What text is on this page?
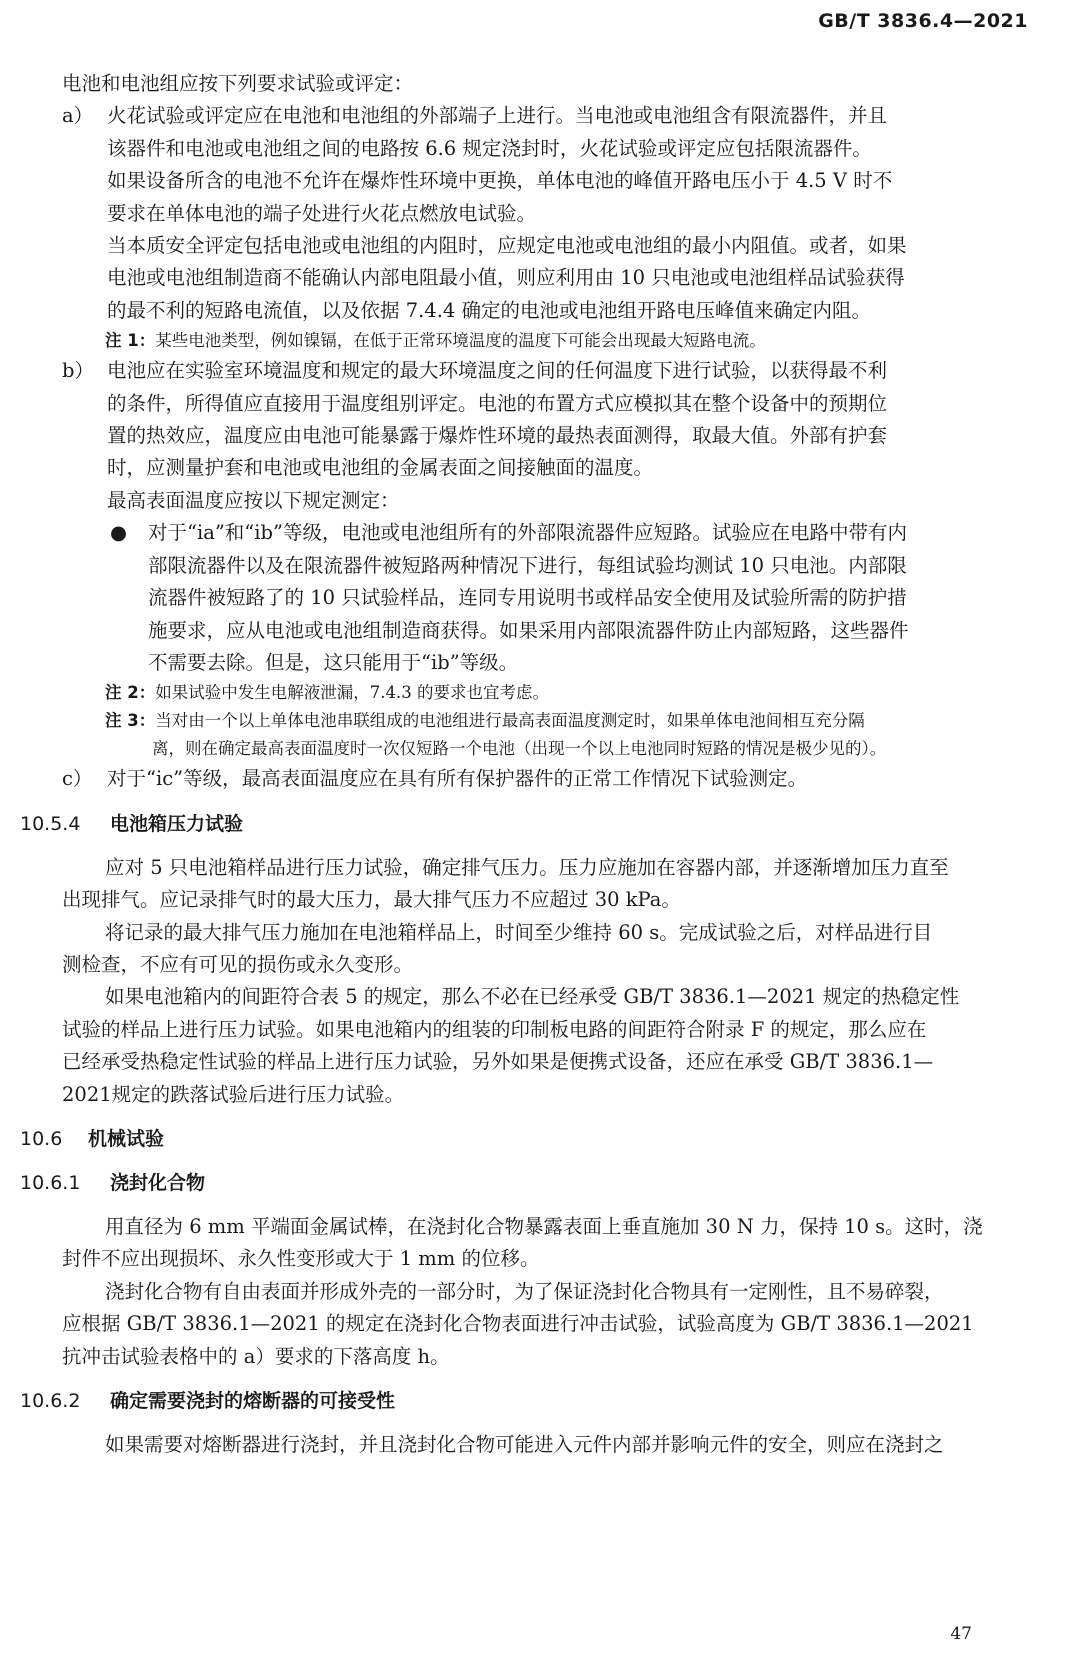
GB/T 3836.4—2021

电池和电池组应按下列要求试验或评定：

a） 火花试验或评定应在电池和电池组的外部端子上进行。当电池或电池组含有限流器件，并且

该器件和电池或电池组之间的电路按 6.6 规定浇封时，火花试验或评定应包括限流器件。

如果设备所含的电池不允许在爆炸性环境中更换，单体电池的峰值开路电压小于 4.5 V 时不

要求在单体电池的端子处进行火花点燃放电试验。

当本质安全评定包括电池或电池组的内阻时，应规定电池或电池组的最小内阻值。或者，如果

电池或电池组制造商不能确认内部电阻最小值，则应利用由 10 只电池或电池组样品试验获得

的最不利的短路电流值，以及依据 7.4.4 确定的电池或电池组开路电压峰值来确定内阻。

注 1：某些电池类型，例如镍镉，在低于正常环境温度的温度下可能会出现最大短路电流。
b） 电池应在实验室环境温度和规定的最大环境温度之间的任何温度下进行试验，以获得最不利

的条件，所得值应直接用于温度组别评定。电池的布置方式应模拟其在整个设备中的预期位

置的热效应，温度应由电池可能暴露于爆炸性环境的最热表面测得，取最大值。外部有护套

时，应测量护套和电池或电池组的金属表面之间接触面的温度。

最高表面温度应按以下规定测定：

●	对于“ia”和“ib”等级，电池或电池组所有的外部限流器件应短路。试验应在电路中带有内

部限流器件以及在限流器件被短路两种情况下进行，每组试验均测试 10 只电池。内部限

流器件被短路了的 10 只试验样品，连同专用说明书或样品安全使用及试验所需的防护措

施要求，应从电池或电池组制造商获得。如果采用内部限流器件防止内部短路，这些器件

不需要去除。但是，这只能用于“ib”等级。

注 2：如果试验中发生电解液泄漏，7.4.3 的要求也宜考虑。
注 3：当对由一个以上单体电池串联组成的电池组进行最高表面温度测定时，如果单体电池间相互充分隔
离，则在确定最高表面温度时一次仅短路一个电池（出现一个以上电池同时短路的情况是极少见的）。
c） 对于“ic”等级，最高表面温度应在具有所有保护器件的正常工作情况下试验测定。

10.5.4 电池箱压力试验

应对 5 只电池箱样品进行压力试验，确定排气压力。压力应施加在容器内部，并逐渐增加压力直至

出现排气。应记录排气时的最大压力，最大排气压力不应超过 30 kPa。

将记录的最大排气压力施加在电池箱样品上，时间至少维持 60 s。完成试验之后，对样品进行目

测检查，不应有可见的损伤或永久变形。

如果电池箱内的间距符合表 5 的规定，那么不必在已经承受 GB/T 3836.1—2021 规定的热稳定性

试验的样品上进行压力试验。如果电池箱内的组装的印制板电路的间距符合附录 F 的规定，那么应在

已经承受热稳定性试验的样品上进行压力试验，另外如果是便携式设备，还应在承受 GB/T 3836.1—

2021规定的跌落试验后进行压力试验。

10.6 机械试验
10.6.1 浇封化合物

用直径为 6 mm 平端面金属试棒，在浇封化合物暴露表面上垂直施加 30 N 力，保持 10 s。这时，浇

封件不应出现损坏、永久性变形或大于 1 mm 的位移。

浇封化合物有自由表面并形成外壳的一部分时，为了保证浇封化合物具有一定刚性，且不易碎裂，

应根据 GB/T 3836.1—2021 的规定在浇封化合物表面进行冲击试验，试验高度为 GB/T 3836.1—2021

抗冲击试验表格中的 a）要求的下落高度 h。

10.6.2 确定需要浇封的熔断器的可接受性

如果需要对熔断器进行浇封，并且浇封化合物可能进入元件内部并影响元件的安全，则应在浇封之

47
